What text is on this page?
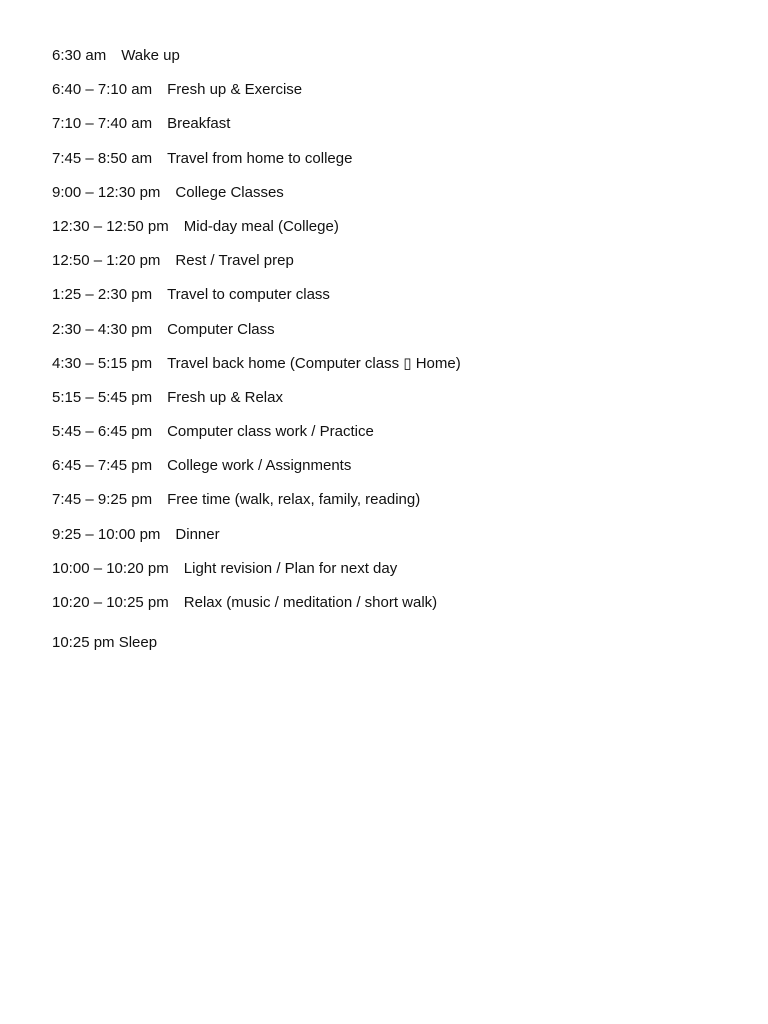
6:30 am Wake up
6:40 – 7:10 am Fresh up & Exercise
7:10 – 7:40 am Breakfast
7:45 – 8:50 am Travel from home to college
9:00 – 12:30 pm College Classes
12:30 – 12:50 pm Mid-day meal (College)
12:50 – 1:20 pm Rest / Travel prep
1:25 – 2:30 pm Travel to computer class
2:30 – 4:30 pm Computer Class
4:30 – 5:15 pm Travel back home (Computer class ▯ Home)
5:15 – 5:45 pm Fresh up & Relax
5:45 – 6:45 pm Computer class work / Practice
6:45 – 7:45 pm College work / Assignments
7:45 – 9:25 pm Free time (walk, relax, family, reading)
9:25 – 10:00 pm Dinner
10:00 – 10:20 pm Light revision / Plan for next day
10:20 – 10:25 pm Relax (music / meditation / short walk)
10:25 pm Sleep
